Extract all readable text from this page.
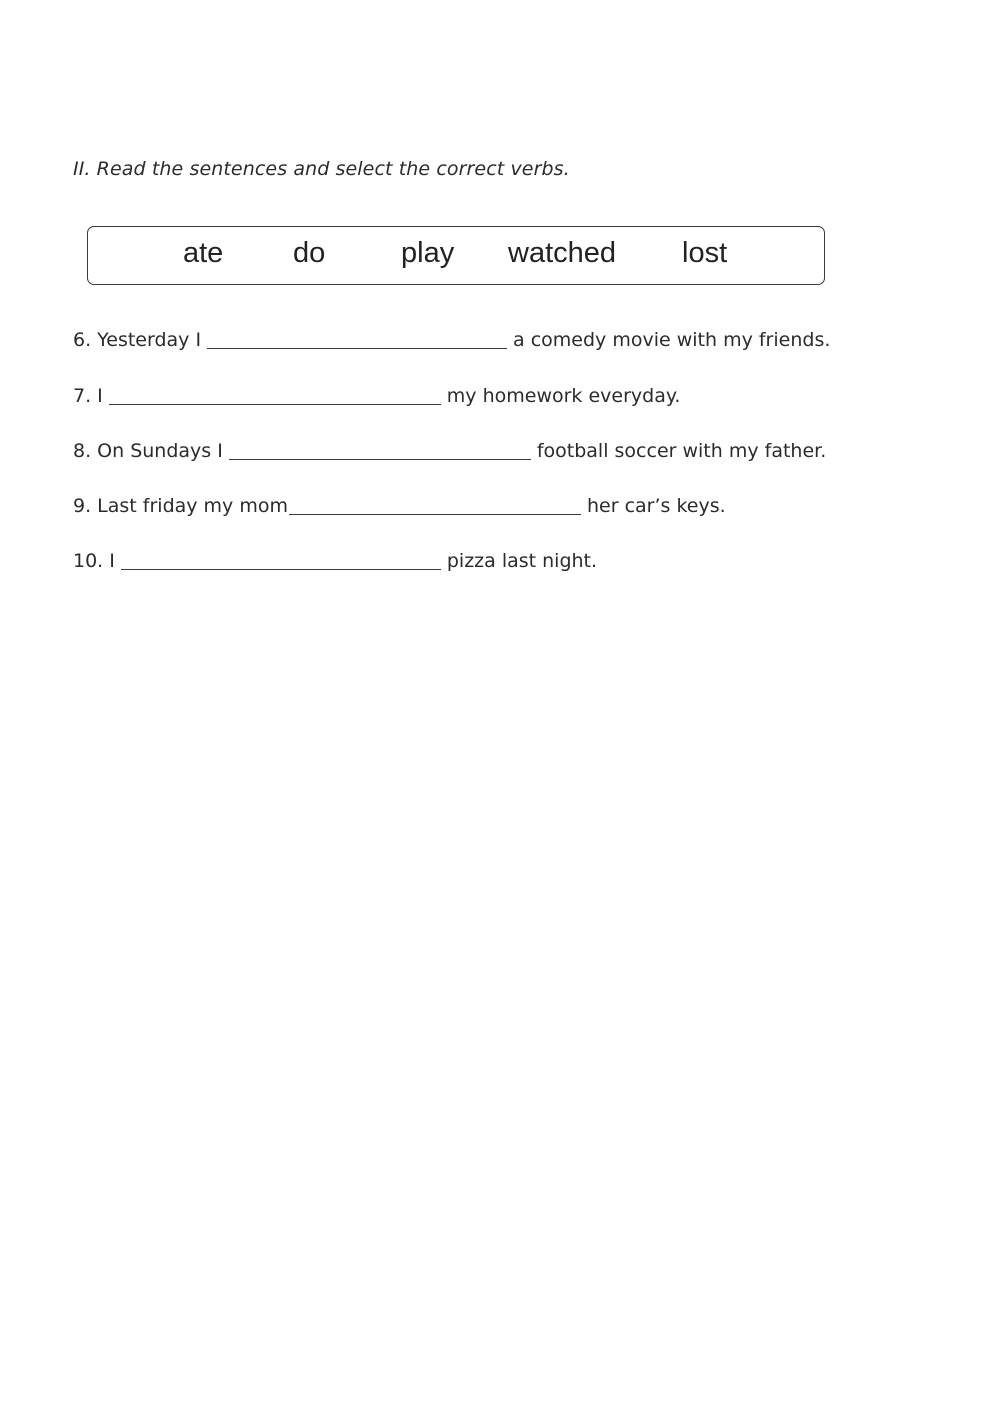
II. Read the sentences and select the correct verbs.
ate do	play watched lost
6. Yesterday I	a comedy movie with my friends.
7. I	my homework everyday.
8. On Sundays I	football soccer with my father.
9. Last friday my mom	her car’s keys.
10. I	pizza last night.
